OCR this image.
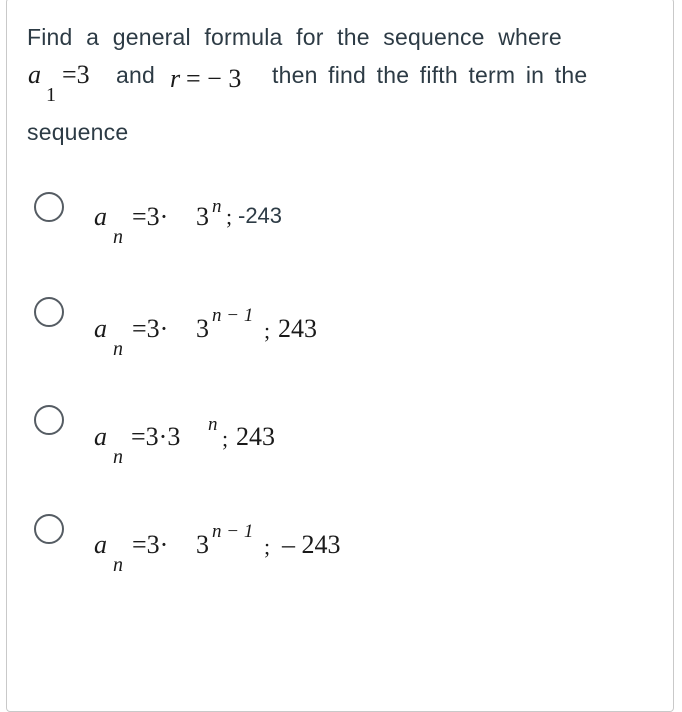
Find a general formula for the sequence where
a
1
=3 and r = − 3 then find the fifth term in the
sequence
a
n
=3· 3 n ; -243
a
n
=3· 3 n − 1
; 243
a
n
=3·3 n
; 243
a
n
=3· 3 n − 1
; – 243
